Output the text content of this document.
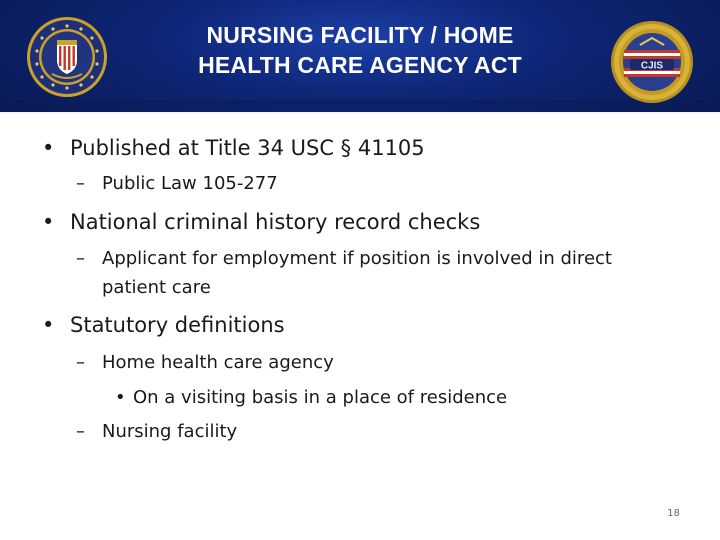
CJIS
NURSING FACILITY / HOME
HEALTH CARE AGENCY ACT
• Published at Title 34 USC § 41105
– Public Law 105-277
• National criminal history record checks
– Applicant for employment if position is involved in direct
patient care
• Statutory definitions
– Home health care agency
• On a visiting basis in a place of residence
– Nursing facility
18
